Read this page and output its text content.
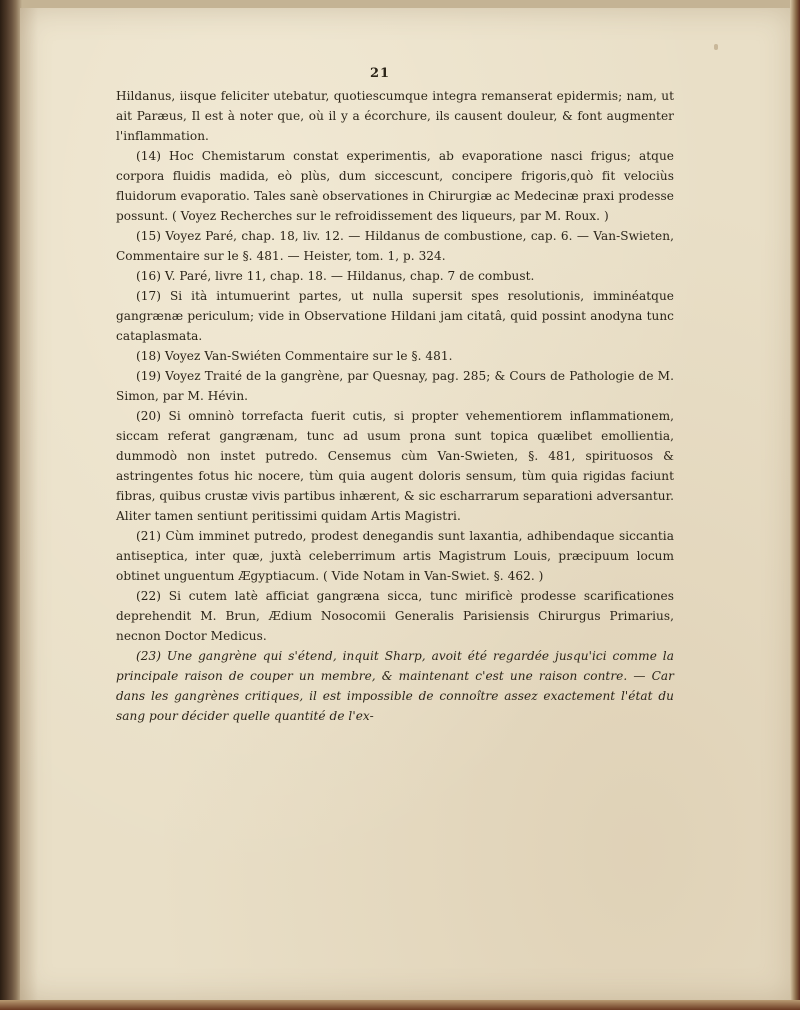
21

Hildanus, iisque feliciter utebatur, quotiescumque integra remanserat epidermis; nam, ut ait Paræus, Il est à noter que, où il y a écorchure, ils causent douleur, & font augmenter l'inflammation.

(14) Hoc Chemistarum constat experimentis, ab evaporatione nasci frigus; atque corpora fluidis madida, eò plùs, dum siccescunt, concipere frigoris,quò fit velociùs fluidorum evaporatio. Tales sanè observationes in Chirurgiæ ac Medecinæ praxi prodesse possunt. ( Voyez Recherches sur le refroidissement des liqueurs, par M. Roux. )

(15) Voyez Paré, chap. 18, liv. 12. — Hildanus de combustione, cap. 6. — Van-Swieten, Commentaire sur le §. 481. — Heister, tom. 1, p. 324.

(16) V. Paré, livre 11, chap. 18. — Hildanus, chap. 7 de combust.

(17) Si ità intumuerint partes, ut nulla supersit spes resolutionis, imminéatque gangrænæ periculum; vide in Observatione Hildani jam citatâ, quid possint anodyna tunc cataplasmata.

(18) Voyez Van-Swiéten Commentaire sur le §. 481.

(19) Voyez Traité de la gangrène, par Quesnay, pag. 285; & Cours de Pathologie de M. Simon, par M. Hévin.

(20) Si omninò torrefacta fuerit cutis, si propter vehementiorem inflammationem, siccam referat gangrænam, tunc ad usum prona sunt topica quælibet emollientia, dummodò non instet putredo. Censemus cùm Van-Swieten, §. 481, spirituosos & astringentes fotus hic nocere, tùm quia augent doloris sensum, tùm quia rigidas faciunt fibras, quibus crustæ vivis partibus inhærent, & sic escharrarum separationi adversantur. Aliter tamen sentiunt peritissimi quidam Artis Magistri.

(21) Cùm imminet putredo, prodest denegandis sunt laxantia, adhibendaque siccantia antiseptica, inter quæ, juxtà celeberrimum artis Magistrum Louis, præcipuum locum obtinet unguentum Ægyptiacum. ( Vide Notam in Van-Swiet. §. 462. )

(22) Si cutem latè afficiat gangræna sicca, tunc mirificè prodesse scarificationes deprehendit M. Brun, Ædium Nosocomii Generalis Parisiensis Chirurgus Primarius, necnon Doctor Medicus.

(23) Une gangrène qui s'étend, inquit Sharp, avoit été regardée jusqu'ici comme la principale raison de couper un membre, & maintenant c'est une raison contre. — Car dans les gangrènes critiques, il est impossible de connoître assez exactement l'état du sang pour décider quelle quantité de l'ex-
